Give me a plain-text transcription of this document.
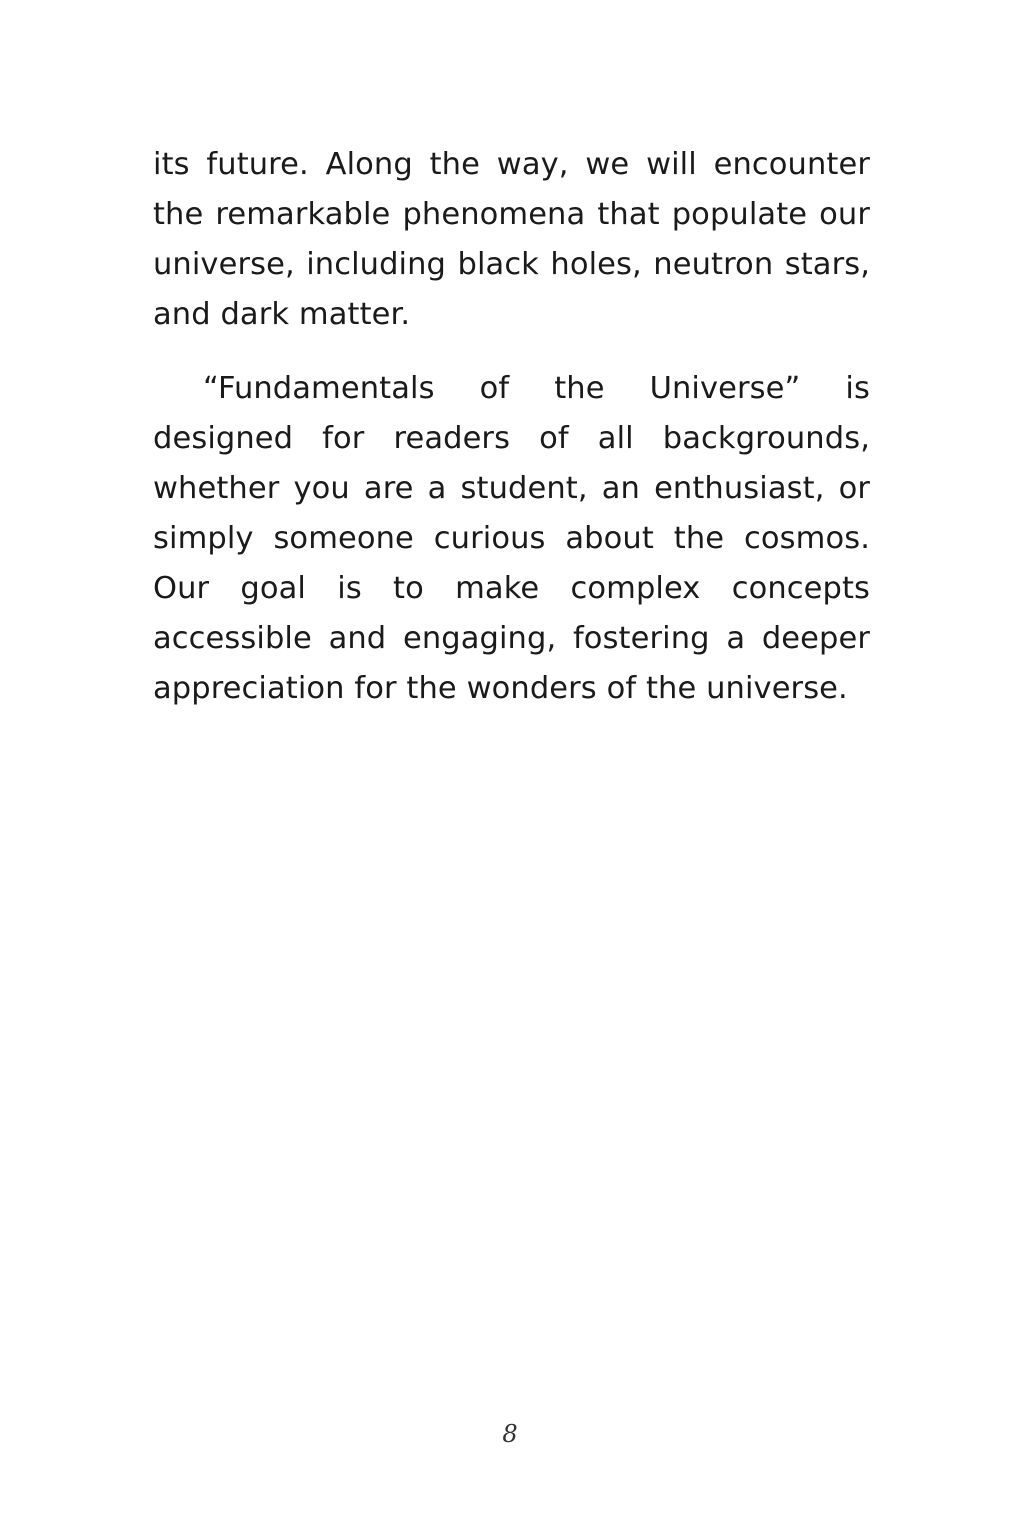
its future. Along the way, we will encounter the remarkable phenomena that populate our universe, including black holes, neutron stars, and dark matter.

“Fundamentals of the Universe” is designed for readers of all backgrounds, whether you are a student, an enthusiast, or simply someone curious about the cosmos. Our goal is to make complex concepts accessible and engaging, fostering a deeper appreciation for the wonders of the universe.

8
